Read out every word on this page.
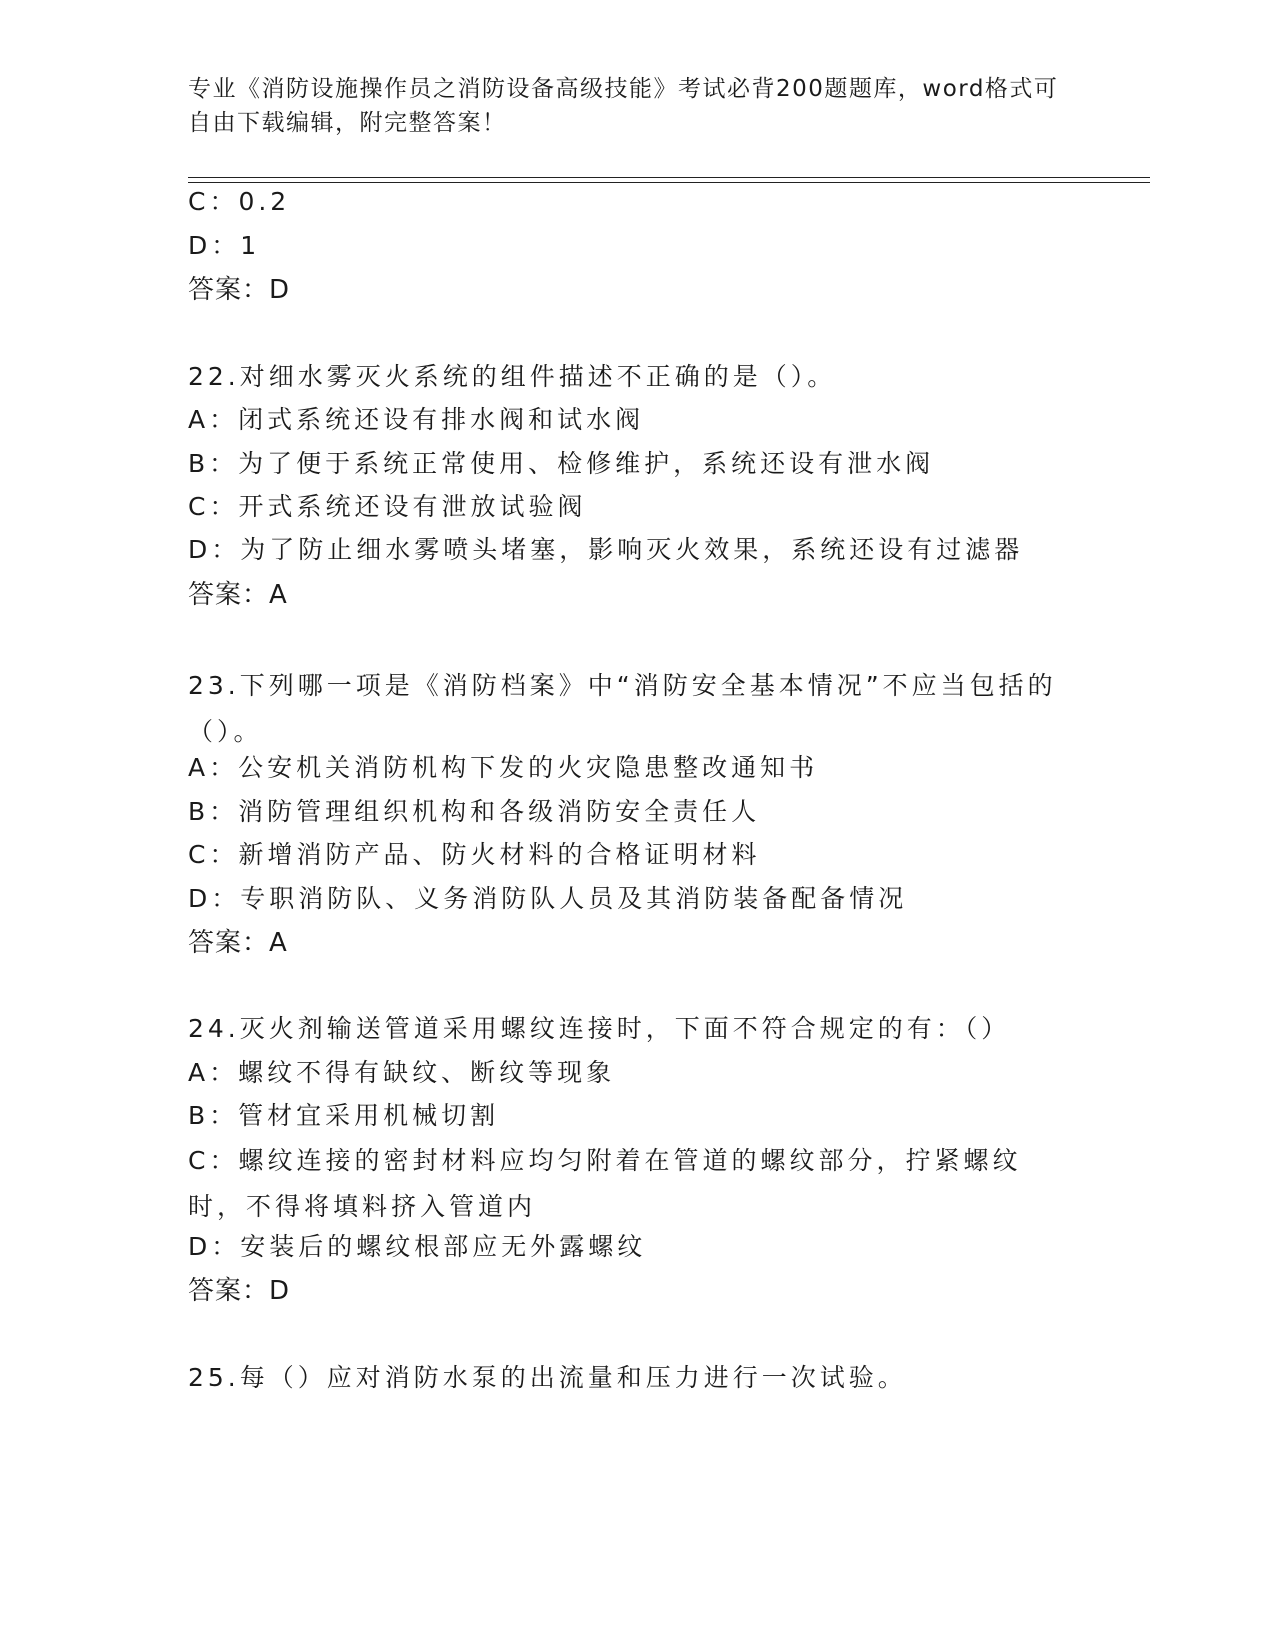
专业《消防设施操作员之消防设备高级技能》考试必背200题题库，word格式可自由下载编辑，附完整答案！

C：0.2
D：1
答案：D
22.对细水雾灭火系统的组件描述不正确的是（）。
A：闭式系统还设有排水阀和试水阀
B：为了便于系统正常使用、检修维护，系统还设有泄水阀
C：开式系统还设有泄放试验阀
D：为了防止细水雾喷头堵塞，影响灭火效果，系统还设有过滤器
答案：A
23.下列哪一项是《消防档案》中“消防安全基本情况”不应当包括的（）。
A：公安机关消防机构下发的火灾隐患整改通知书
B：消防管理组织机构和各级消防安全责任人
C：新增消防产品、防火材料的合格证明材料
D：专职消防队、义务消防队人员及其消防装备配备情况
答案：A
24.灭火剂输送管道采用螺纹连接时，下面不符合规定的有：（）
A：螺纹不得有缺纹、断纹等现象
B：管材宜采用机械切割
C：螺纹连接的密封材料应均匀附着在管道的螺纹部分，拧紧螺纹时，不得将填料挤入管道内
D：安装后的螺纹根部应无外露螺纹
答案：D
25.每（）应对消防水泵的出流量和压力进行一次试验。
